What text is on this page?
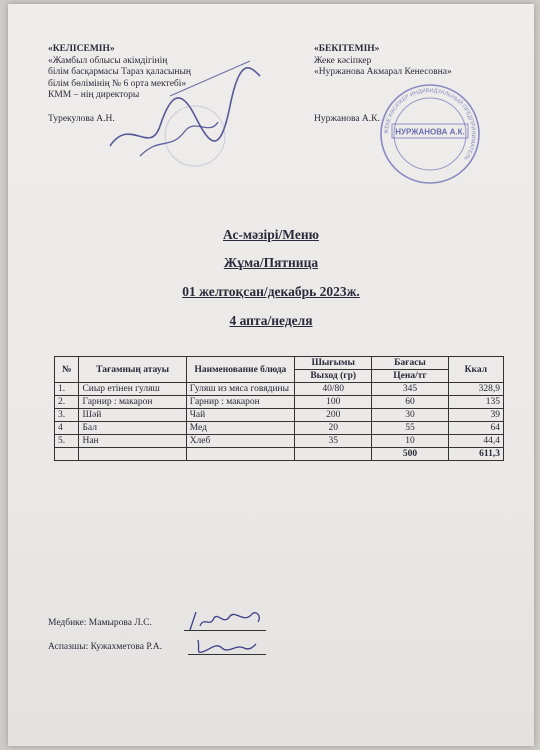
«КЕЛІСЕМІН»
«Жамбыл облысы әкімдігінің
білім басқармасы Тараз қаласының
білім бөлімінің № 6 орта мектебі»
КММ – нің директоры
Турекулова А.Н.
«БЕКІТЕМІН»
Жеке кәсіпкер
«Нуржанова Акмарал Кенесовна»
Нуржанова А.К.
ЖЕКЕ КӘСІПКЕР ИНДИВИДУАЛЬНЫЙ ПРЕДПРИНИМАТЕЛЬ
НУРЖАНОВА А.К.
Ас-мәзірі/Меню
Жұма/Пятница
01 желтоқсан/декабрь 2023ж.
4 апта/неделя
№	Тағамның атауы	Наименование блюда	Шығымы	Бағасы	Ккал
			Выход (гр)	Цена/тг	
1.	Сиыр етінен гуляш	Гуляш из мяса говядины	40/80	345	328,9
2.	Гарнир : макарон	Гарнир : макарон	100	60	135
3.	Шәй	Чай	200	30	39
4	Бал	Мед	20	55	64
5.	Нан	Хлеб	35	10	44,4
				500	611,3
Медбике: Мамырова Л.С.
Аспазшы: Кужахметова Р.А.
